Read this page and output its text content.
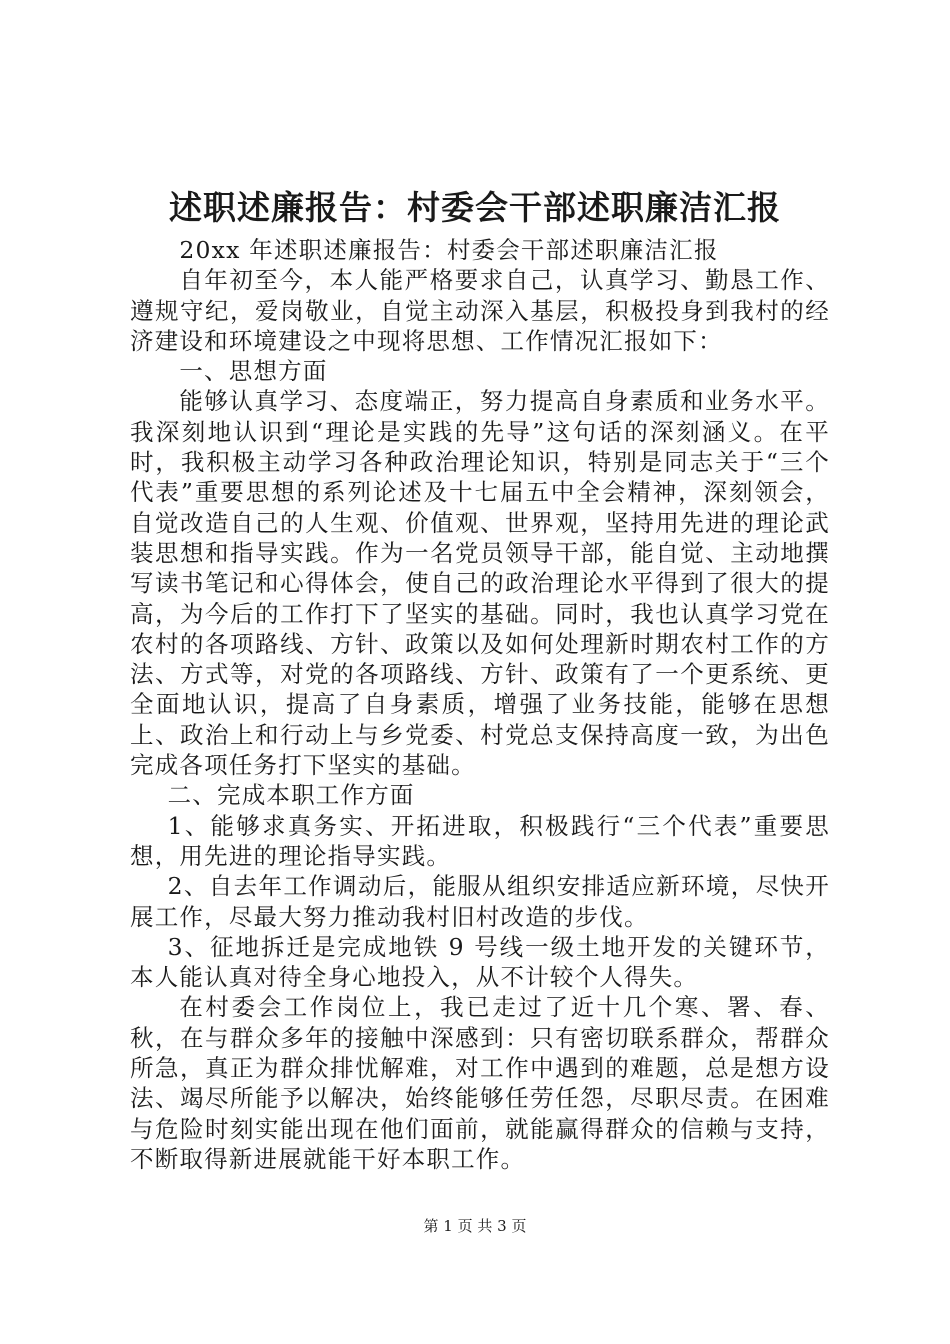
述职述廉报告：村委会干部述职廉洁汇报

20xx 年述职述廉报告：村委会干部述职廉洁汇报

自年初至今，本人能严格要求自己，认真学习、勤恳工作、遵规守纪，爱岗敬业，自觉主动深入基层，积极投身到我村的经济建设和环境建设之中现将思想、工作情况汇报如下：

一、思想方面

能够认真学习、态度端正，努力提高自身素质和业务水平。我深刻地认识到“理论是实践的先导”这句话的深刻涵义。在平时，我积极主动学习各种政治理论知识，特别是同志关于“三个代表”重要思想的系列论述及十七届五中全会精神，深刻领会，自觉改造自己的人生观、价值观、世界观，坚持用先进的理论武装思想和指导实践。作为一名党员领导干部，能自觉、主动地撰写读书笔记和心得体会，使自己的政治理论水平得到了很大的提高，为今后的工作打下了坚实的基础。同时，我也认真学习党在农村的各项路线、方针、政策以及如何处理新时期农村工作的方法、方式等，对党的各项路线、方针、政策有了一个更系统、更全面地认识，提高了自身素质，增强了业务技能，能够在思想上、政治上和行动上与乡党委、村党总支保持高度一致，为出色完成各项任务打下坚实的基础。

二、完成本职工作方面

1、能够求真务实、开拓进取，积极践行“三个代表”重要思想，用先进的理论指导实践。

2、自去年工作调动后，能服从组织安排适应新环境，尽快开展工作，尽最大努力推动我村旧村改造的步伐。

3、征地拆迁是完成地铁 9 号线一级土地开发的关键环节，本人能认真对待全身心地投入，从不计较个人得失。

在村委会工作岗位上，我已走过了近十几个寒、署、春、秋，在与群众多年的接触中深感到：只有密切联系群众，帮群众所急，真正为群众排忧解难，对工作中遇到的难题，总是想方设法、竭尽所能予以解决，始终能够任劳任怨，尽职尽责。在困难与危险时刻实能出现在他们面前，就能赢得群众的信赖与支持，不断取得新进展就能干好本职工作。

第 1 页 共 3 页
